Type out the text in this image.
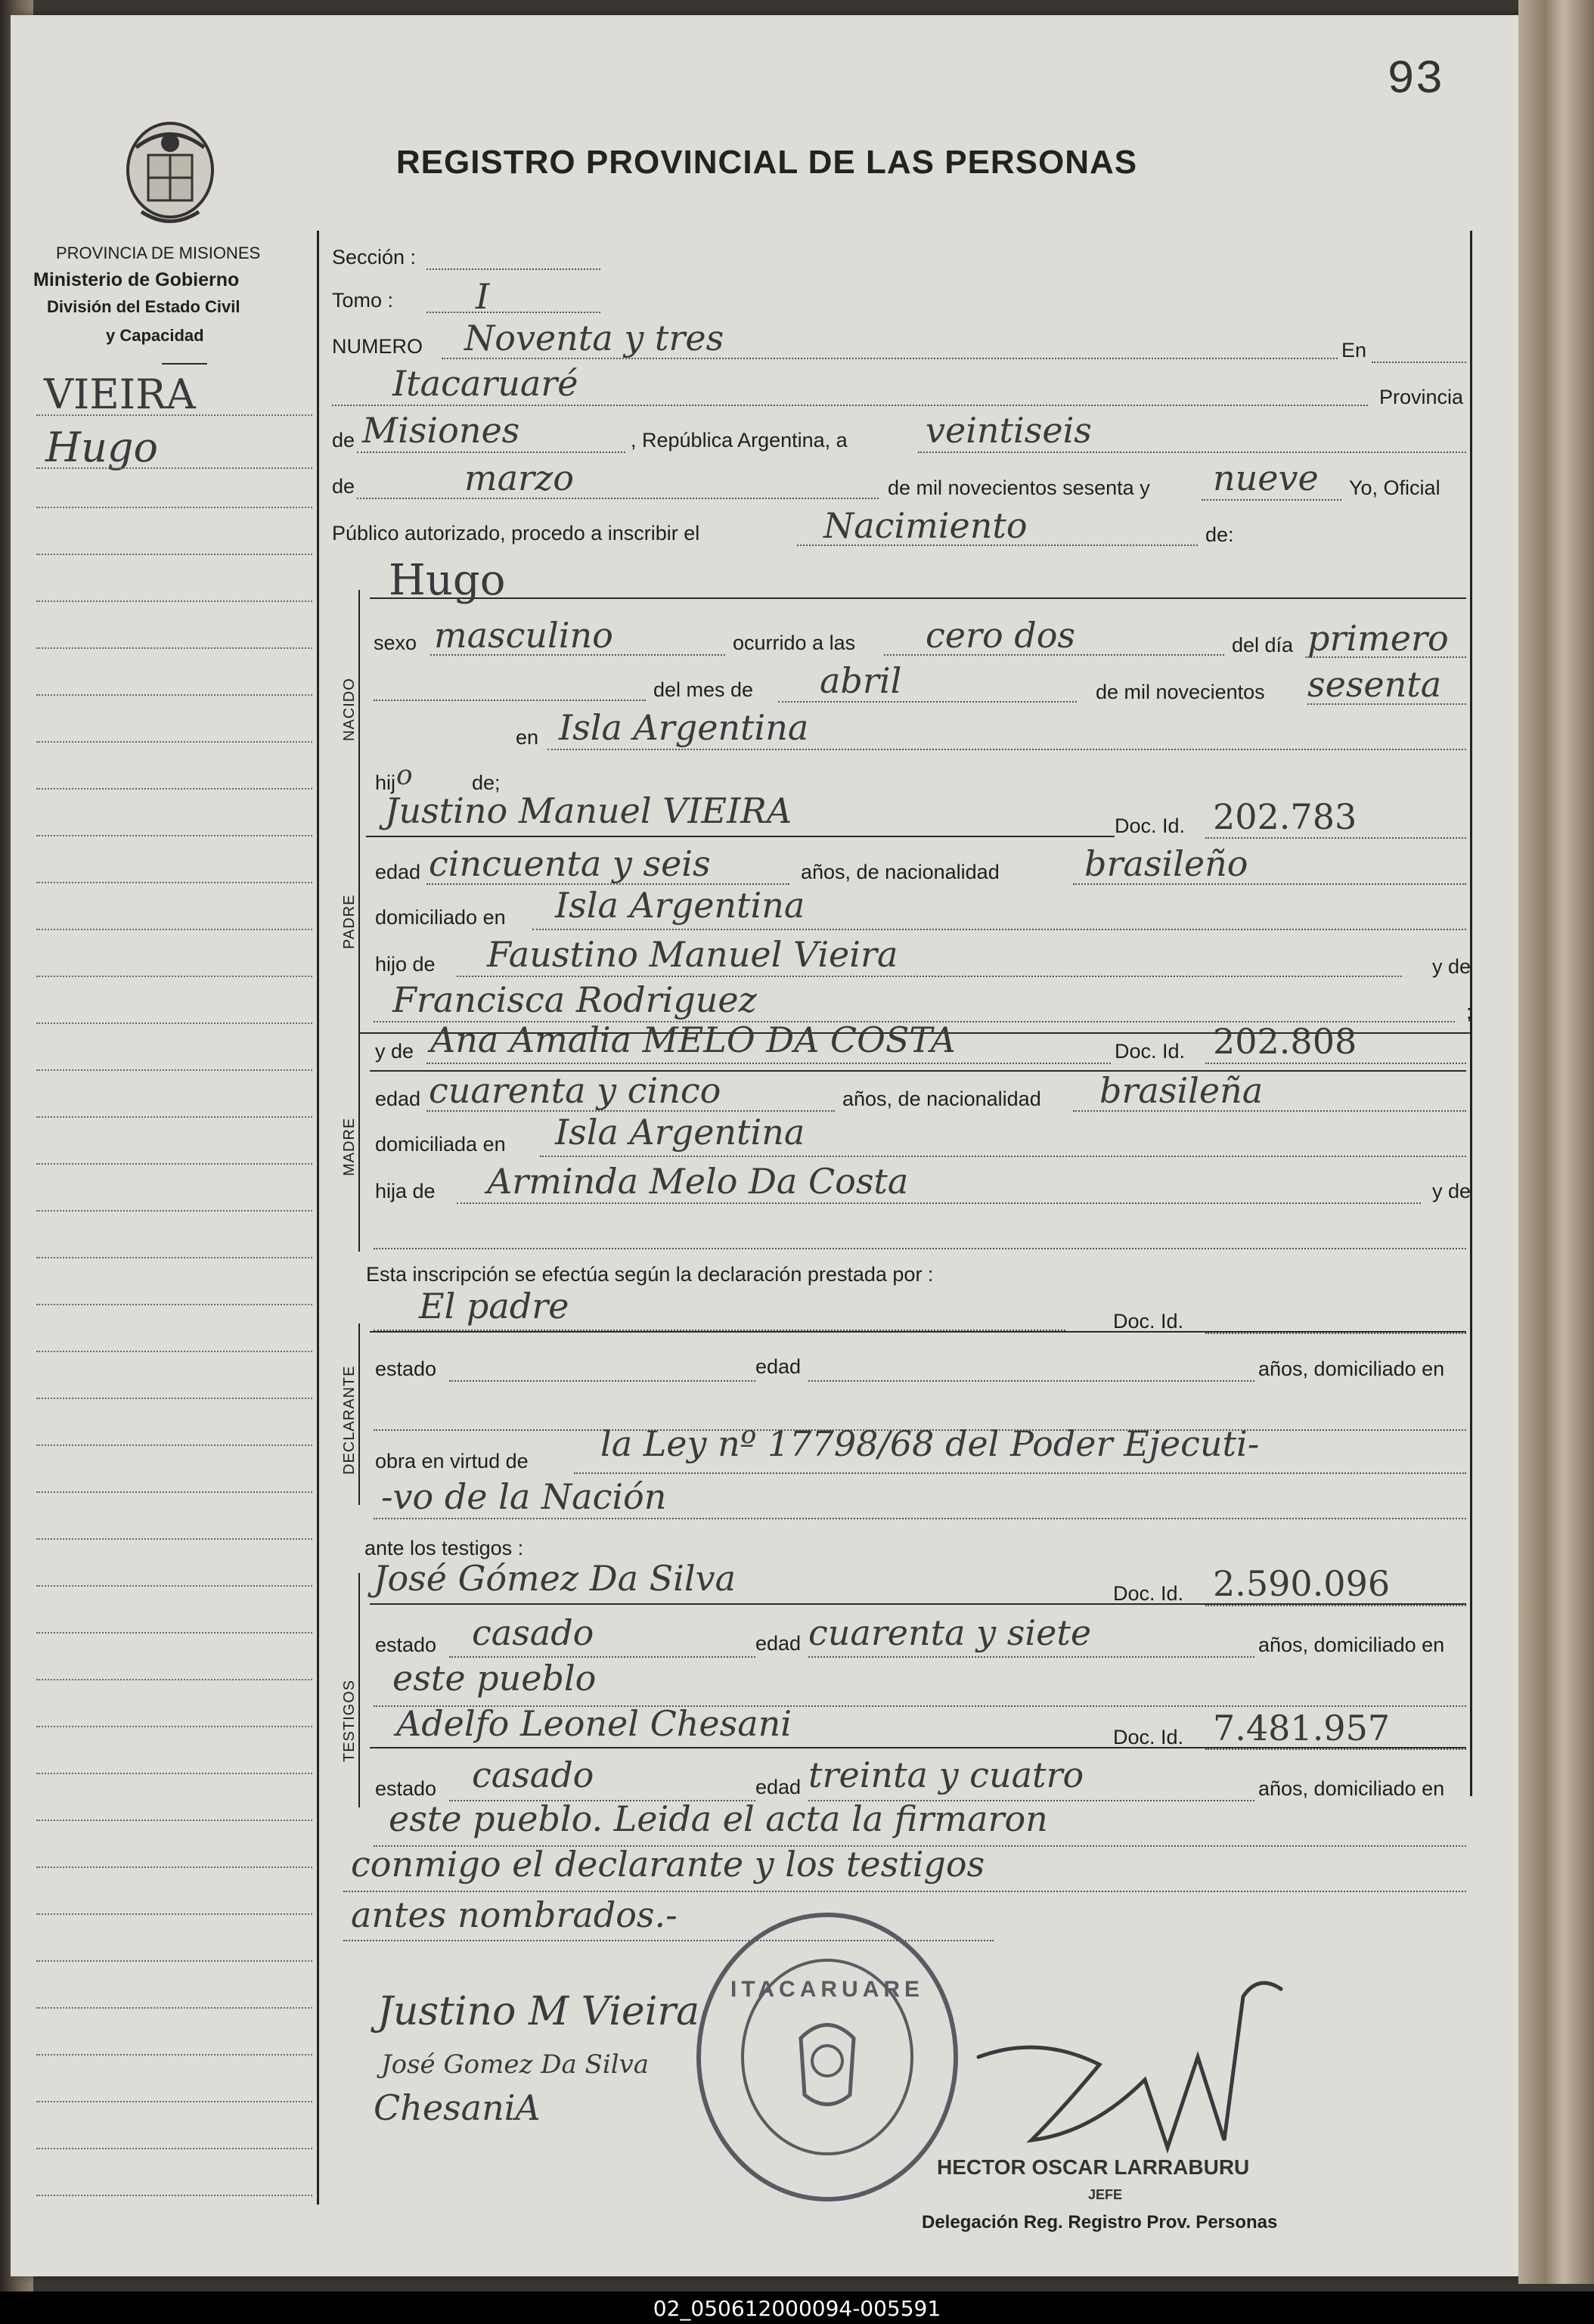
93
REGISTRO PROVINCIAL DE LAS PERSONAS
PROVINCIA DE MISIONES
Ministerio de Gobierno
División del Estado Civil
y Capacidad
VIEIRA
Hugo
Sección :
Tomo : I
NUMERO Noventa y tres	En
Itacaruaré	Provincia
de Misiones	, República Argentina, a veintiseis
de	marzo	de mil novecientos sesenta y nueve Yo, Oficial
Público autorizado, procedo a inscribir el	Nacimiento	de:
NACIDO
Hugo
sexo masculino	ocurrido a las cero dos	del día primero
del mes de abril	de mil novecientos sesenta
en Isla Argentina
hij o	de;
PADRE
Justino Manuel VIEIRA	Doc. Id. 202.783
edad cincuenta y seis	años, de nacionalidad brasileño
domiciliado en Isla Argentina
hijo de Faustino Manuel Vieira	y de
Francisca Rodriguez	;
MADRE
y de Ana Amalia MELO DA COSTA	Doc. Id. 202.808
edad cuarenta y cinco	años, de nacionalidad brasileña
domiciliada en Isla Argentina
hija de Arminda Melo Da Costa	y de
Esta inscripción se efectúa según la declaración prestada por :
DECLARANTE
El padre	Doc. Id.
estado	edad	años, domiciliado en
obra en virtud de la Ley nº 17798/68 del Poder Ejecuti-
-vo de la Nación
ante los testigos :
TESTIGOS
José Gómez Da Silva	Doc. Id. 2.590.096
estado casado	edad cuarenta y siete	años, domiciliado en
este pueblo
Adelfo Leonel Chesani	Doc. Id. 7.481.957
estado casado	edad treinta y cuatro	años, domiciliado en
este pueblo. Leida el acta la firmaron
conmigo el declarante y los testigos
antes nombrados.-
Justino M Vieira
José Gomez Da Silva
ChesaniA
ITACARUARE
HECTOR OSCAR LARRABURU
JEFE
Delegación Reg. Registro Prov. Personas
02_050612000094-005591
